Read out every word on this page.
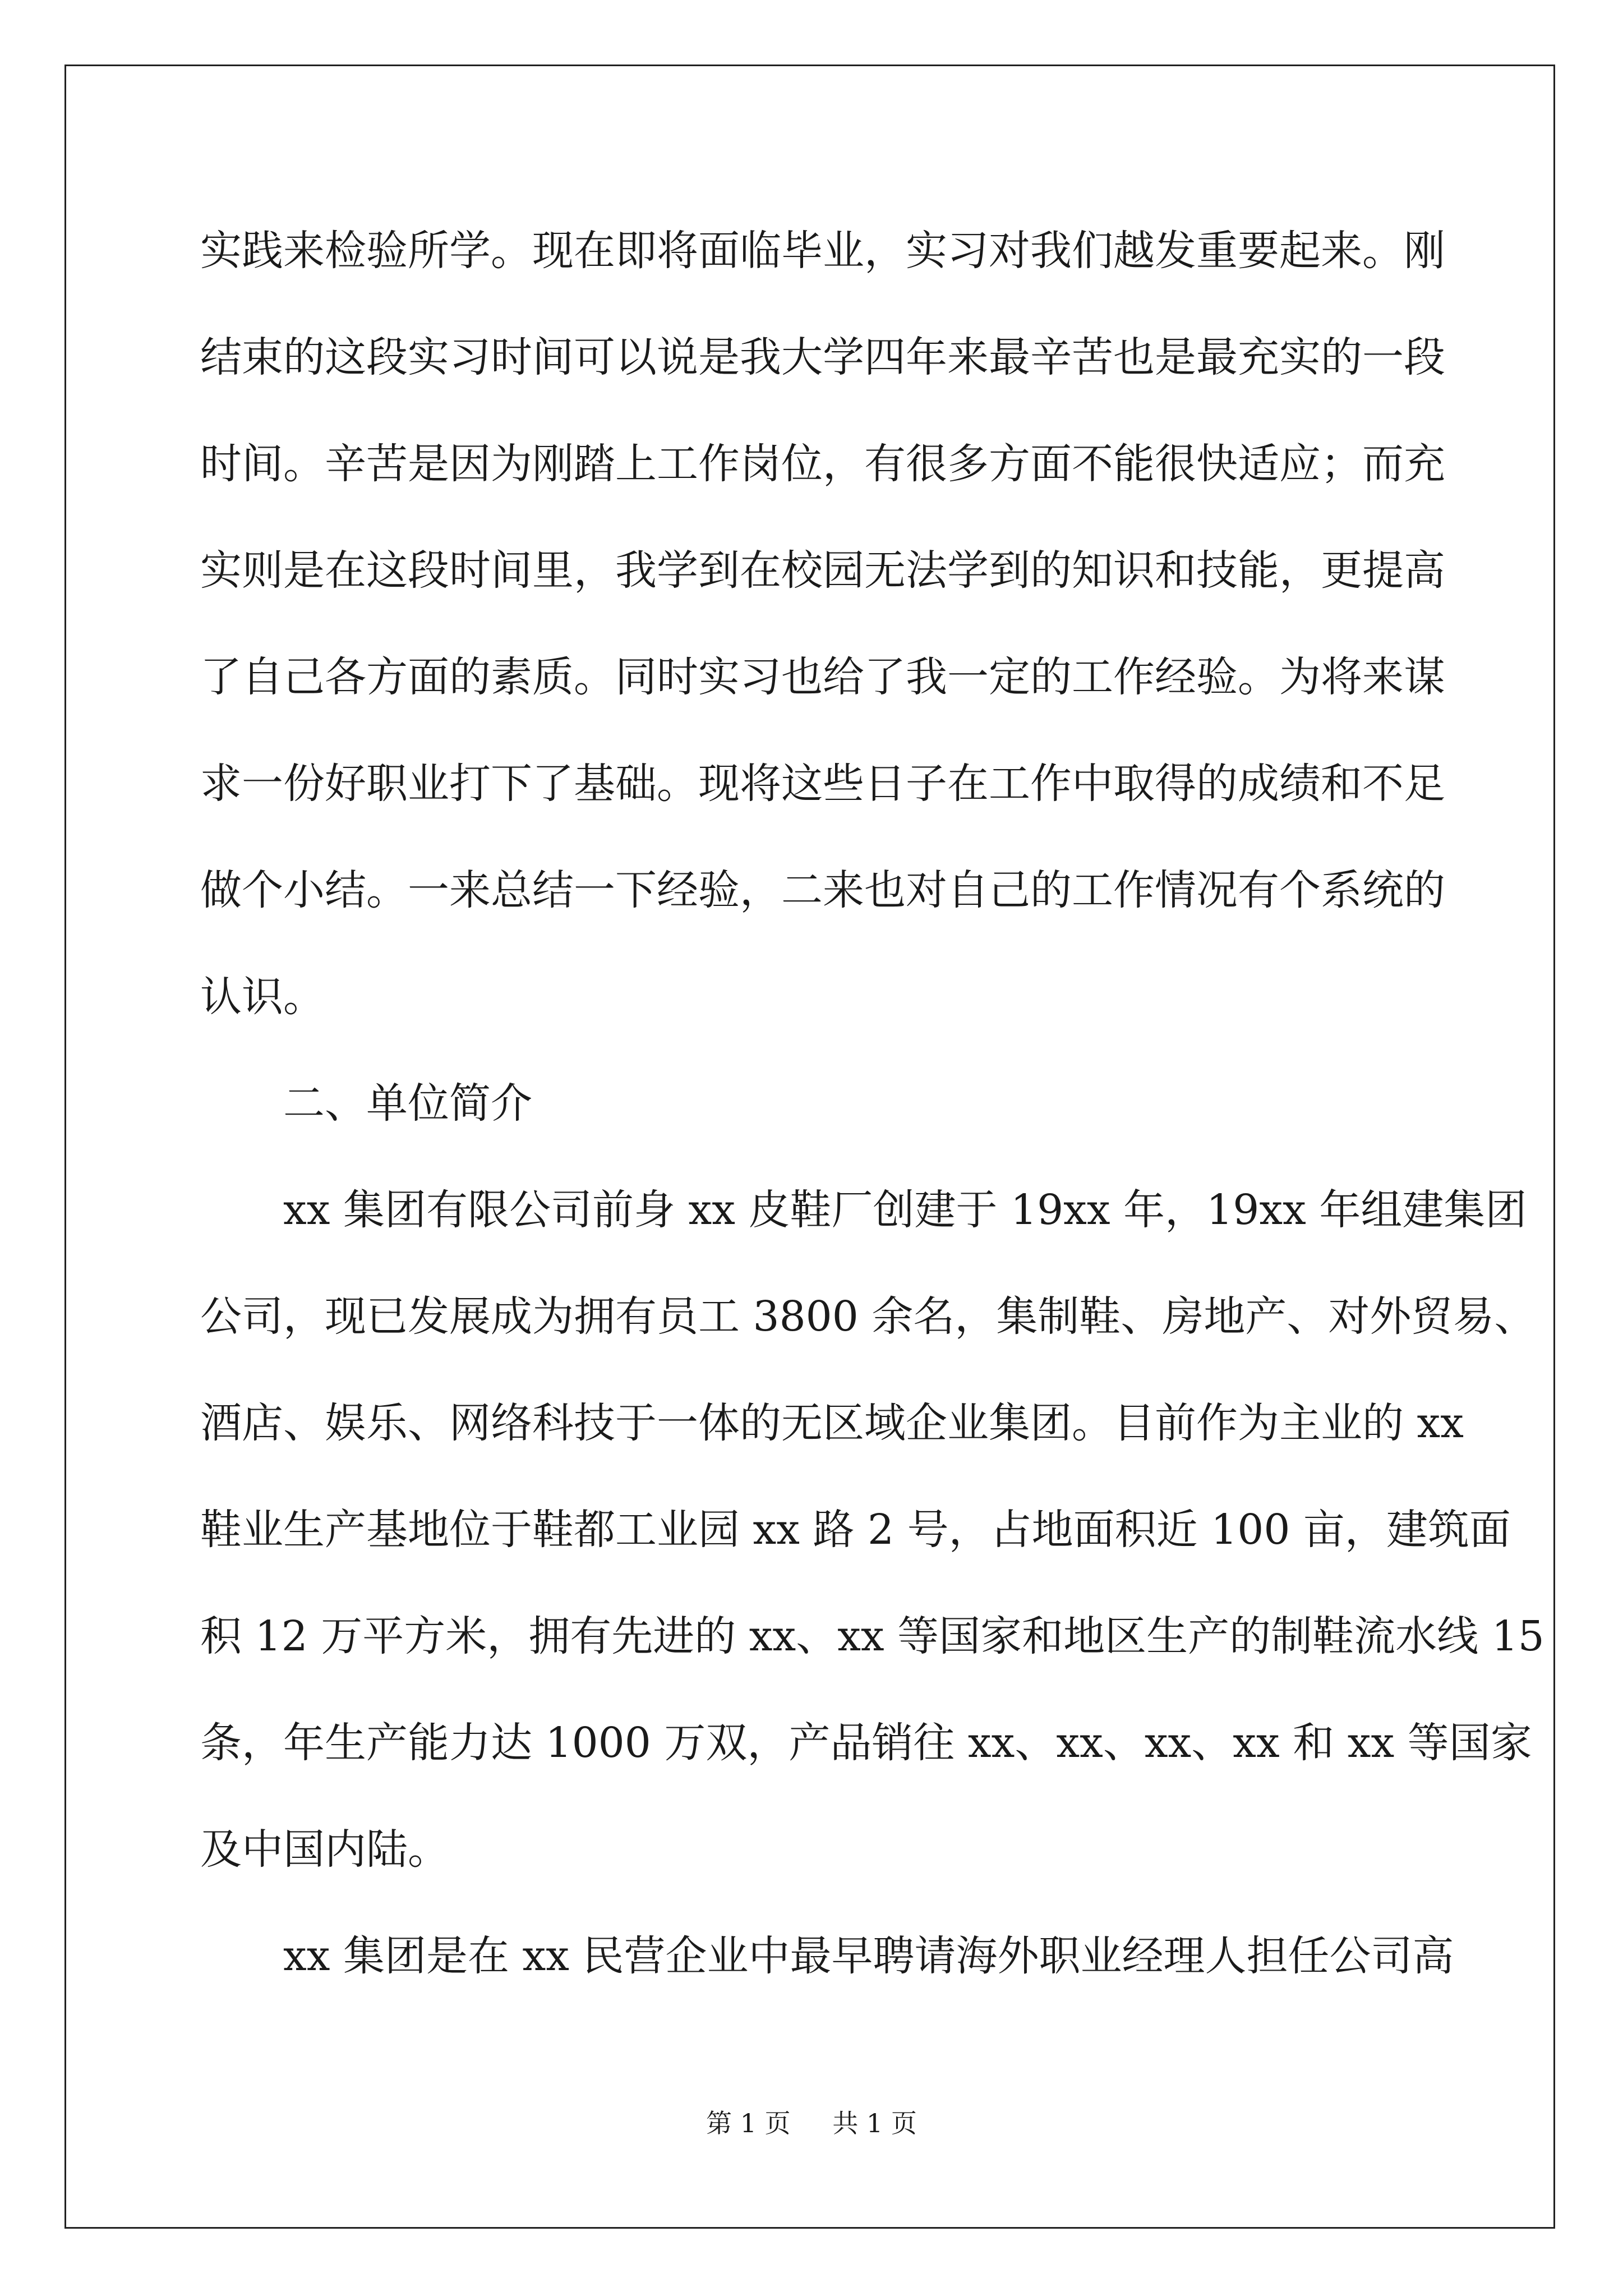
实践来检验所学。现在即将面临毕业，实习对我们越发重要起来。刚
结束的这段实习时间可以说是我大学四年来最辛苦也是最充实的一段
时间。辛苦是因为刚踏上工作岗位，有很多方面不能很快适应；而充
实则是在这段时间里，我学到在校园无法学到的知识和技能，更提高
了自己各方面的素质。同时实习也给了我一定的工作经验。为将来谋
求一份好职业打下了基础。现将这些日子在工作中取得的成绩和不足
做个小结。一来总结一下经验，二来也对自己的工作情况有个系统的
认识。
二、单位简介
xx 集团有限公司前身 xx 皮鞋厂创建于 19xx 年，19xx 年组建集团
公司，现已发展成为拥有员工 3800 余名，集制鞋、房地产、对外贸易、
酒店、娱乐、网络科技于一体的无区域企业集团。目前作为主业的 xx
鞋业生产基地位于鞋都工业园 xx 路 2 号，占地面积近 100 亩，建筑面
积 12 万平方米，拥有先进的 xx、xx 等国家和地区生产的制鞋流水线 15
条，年生产能力达 1000 万双，产品销往 xx、xx、xx、xx 和 xx 等国家
及中国内陆。
xx 集团是在 xx 民营企业中最早聘请海外职业经理人担任公司高
第 1 页 共 1 页
